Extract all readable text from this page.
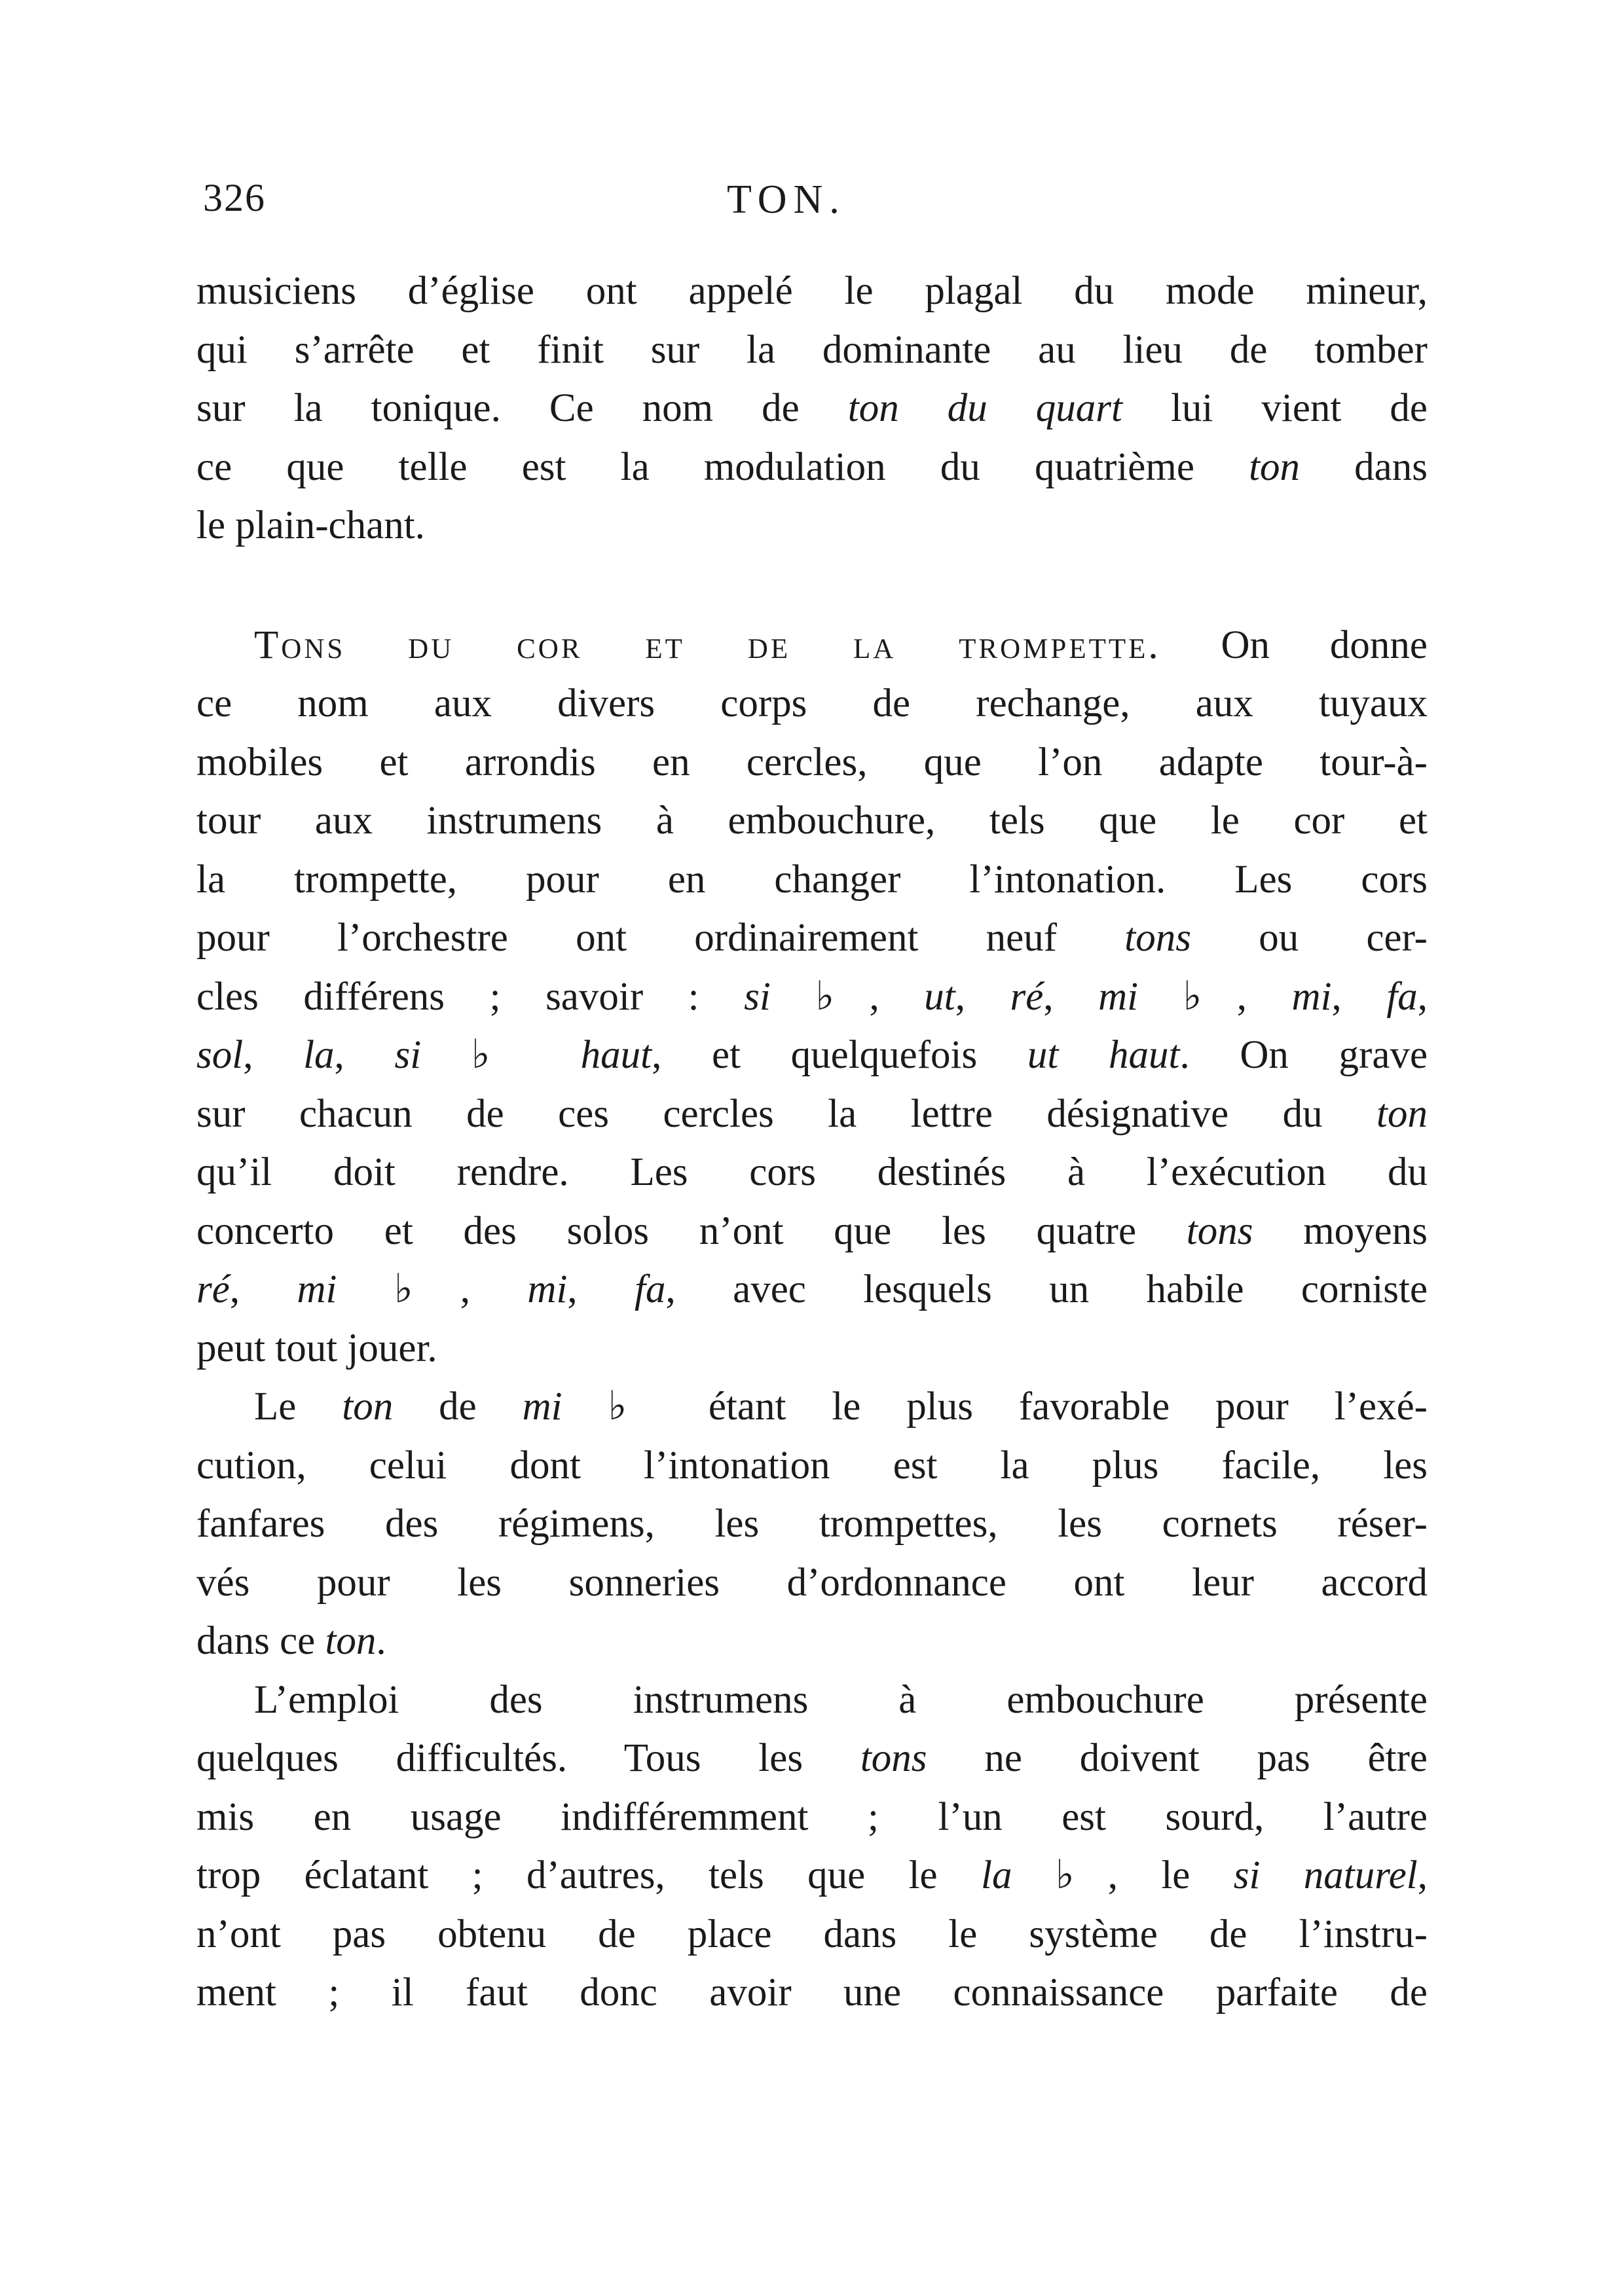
326	TON.
musiciens d’église ont appelé le plagal du mode mineur,
qui s’arrête et finit sur la dominante au lieu de tomber
sur la tonique. Ce nom de ton du quart lui vient de
ce que telle est la modulation du quatrième ton dans
le plain-chant.
Tons du cor et de la trompette. On donne
ce nom aux divers corps de rechange, aux tuyaux
mobiles et arrondis en cercles, que l’on adapte tour-à-
tour aux instrumens à embouchure, tels que le cor et
la trompette, pour en changer l’intonation. Les cors
pour l’orchestre ont ordinairement neuf tons ou cer-
cles différens ; savoir : si ♭, ut, ré, mi ♭, mi, fa,
sol, la, si ♭ haut, et quelquefois ut haut. On grave
sur chacun de ces cercles la lettre désignative du ton
qu’il doit rendre. Les cors destinés à l’exécution du
concerto et des solos n’ont que les quatre tons moyens
ré, mi ♭, mi, fa, avec lesquels un habile corniste
peut tout jouer.
Le ton de mi ♭ étant le plus favorable pour l’exé-
cution, celui dont l’intonation est la plus facile, les
fanfares des régimens, les trompettes, les cornets réser-
vés pour les sonneries d’ordonnance ont leur accord
dans ce ton.
L’emploi des instrumens à embouchure présente
quelques difficultés. Tous les tons ne doivent pas être
mis en usage indifféremment ; l’un est sourd, l’autre
trop éclatant ; d’autres, tels que le la ♭, le si naturel,
n’ont pas obtenu de place dans le système de l’instru-
ment ; il faut donc avoir une connaissance parfaite de
